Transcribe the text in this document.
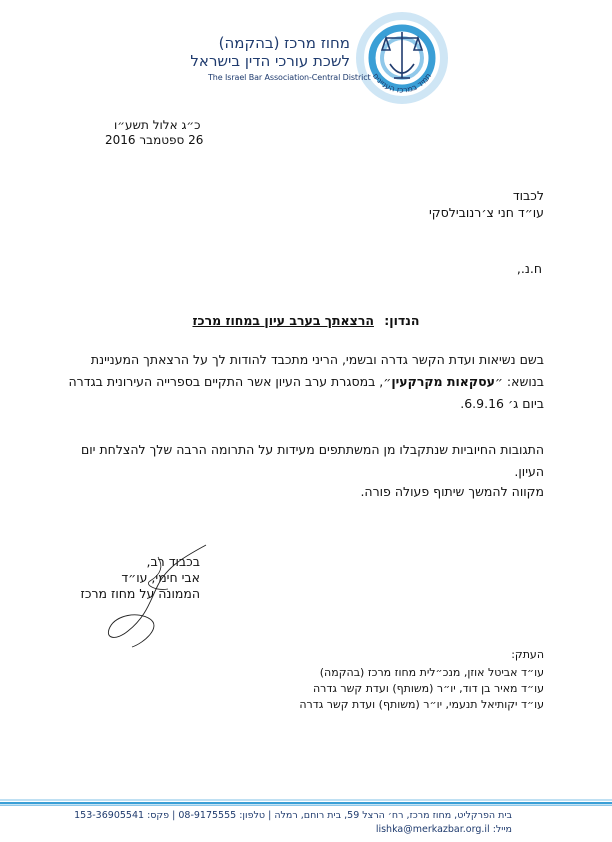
תמיד במרכז העניינים
מחוז מרכז (בהקמה)
לשכת עורכי הדין בישראל
The Israel Bar Association-Central District
כ״ג אלול תשע״ו
26 ספטמבר 2016
לכבוד
עו״ד חני צ׳רנובילסקי
ח.נ.,
הנדון: הרצאתך בערב עיון במחוז מרכז
בשם נשיאות ועדת הקשר גדרה ובשמי, הריני מתכבד להודות לך על הרצאתך המעניינת בנושא: ״עסקאות מקרקעין״, במסגרת ערב העיון אשר התקיים בספרייה העירונית בגדרה ביום ג׳ 6.9.16.
התגובות החיוביות שנתקבלו מן המשתתפים מעידות על התרומה הרבה שלך להצלחת יום העיון.
מקווה להמשך שיתוף פעולה פורה.
בכבוד רב,
אבי חימי, עו״ד
הממונה על מחוז מרכז
העתק:
עו״ד אביטל אוזן, מנכ״לית מחוז מרכז (בהקמה)
עו״ד מאיר בן דוד, יו״ר (משותף) ועדת קשר גדרה
עו״ד יקותיאל תנעמי, יו״ר (משותף) ועדת קשר גדרה
בית הפרקליט, מחוז מרכז, רח׳ הרצל 59, בית רוחם, רמלה | טלפון: 08-9175555 | פקס: 153-36905541
מייל: lishka@merkazbar.org.il
